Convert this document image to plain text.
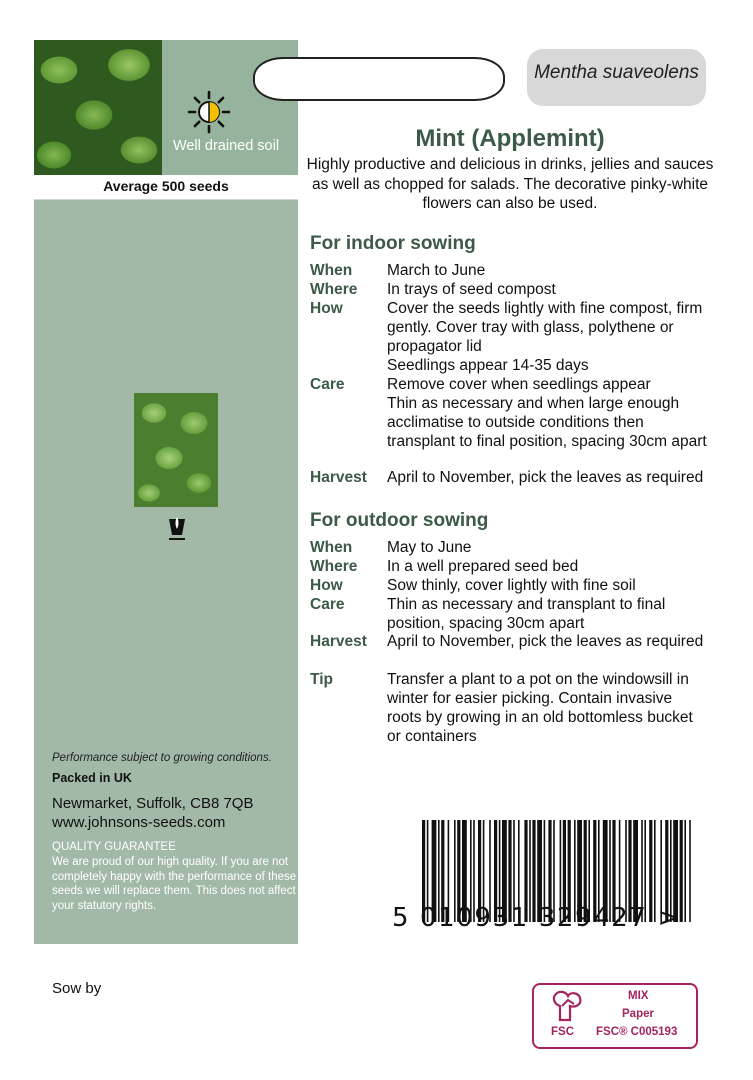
Well drained soil
Average 500 seeds
Performance subject to growing conditions.
Packed in UK
Newmarket, Suffolk, CB8 7QB
www.johnsons-seeds.com
QUALITY GUARANTEE
We are proud of our high quality. If you are not completely happy with the performance of these seeds we will replace them. This does not affect your statutory rights.
Mentha suaveolens
Mint (Applemint)
Highly productive and delicious in drinks, jellies and sauces as well as chopped for salads. The decorative pinky-white flowers can also be used.
For indoor sowing
When March to June
Where In trays of seed compost
How	Cover the seeds lightly with fine compost, firm gently. Cover tray with glass, polythene or propagator lid
Seedlings appear 14-35 days
Care	Remove cover when seedlings appear
Thin as necessary and when large enough acclimatise to outside conditions then transplant to final position, spacing 30cm apart
Harvest April to November, pick the leaves as required
For outdoor sowing
When May to June
Where In a well prepared seed bed
How	Sow thinly, cover lightly with fine soil
Care	Thin as necessary and transplant to final position, spacing 30cm apart
Harvest April to November, pick the leaves as required
Tip	Transfer a plant to a pot on the windowsill in winter for easier picking. Contain invasive roots by growing in an old bottomless bucket or containers
5 010931 329427 >
Sow by
FSC
MIX
Paper
FSC® C005193
